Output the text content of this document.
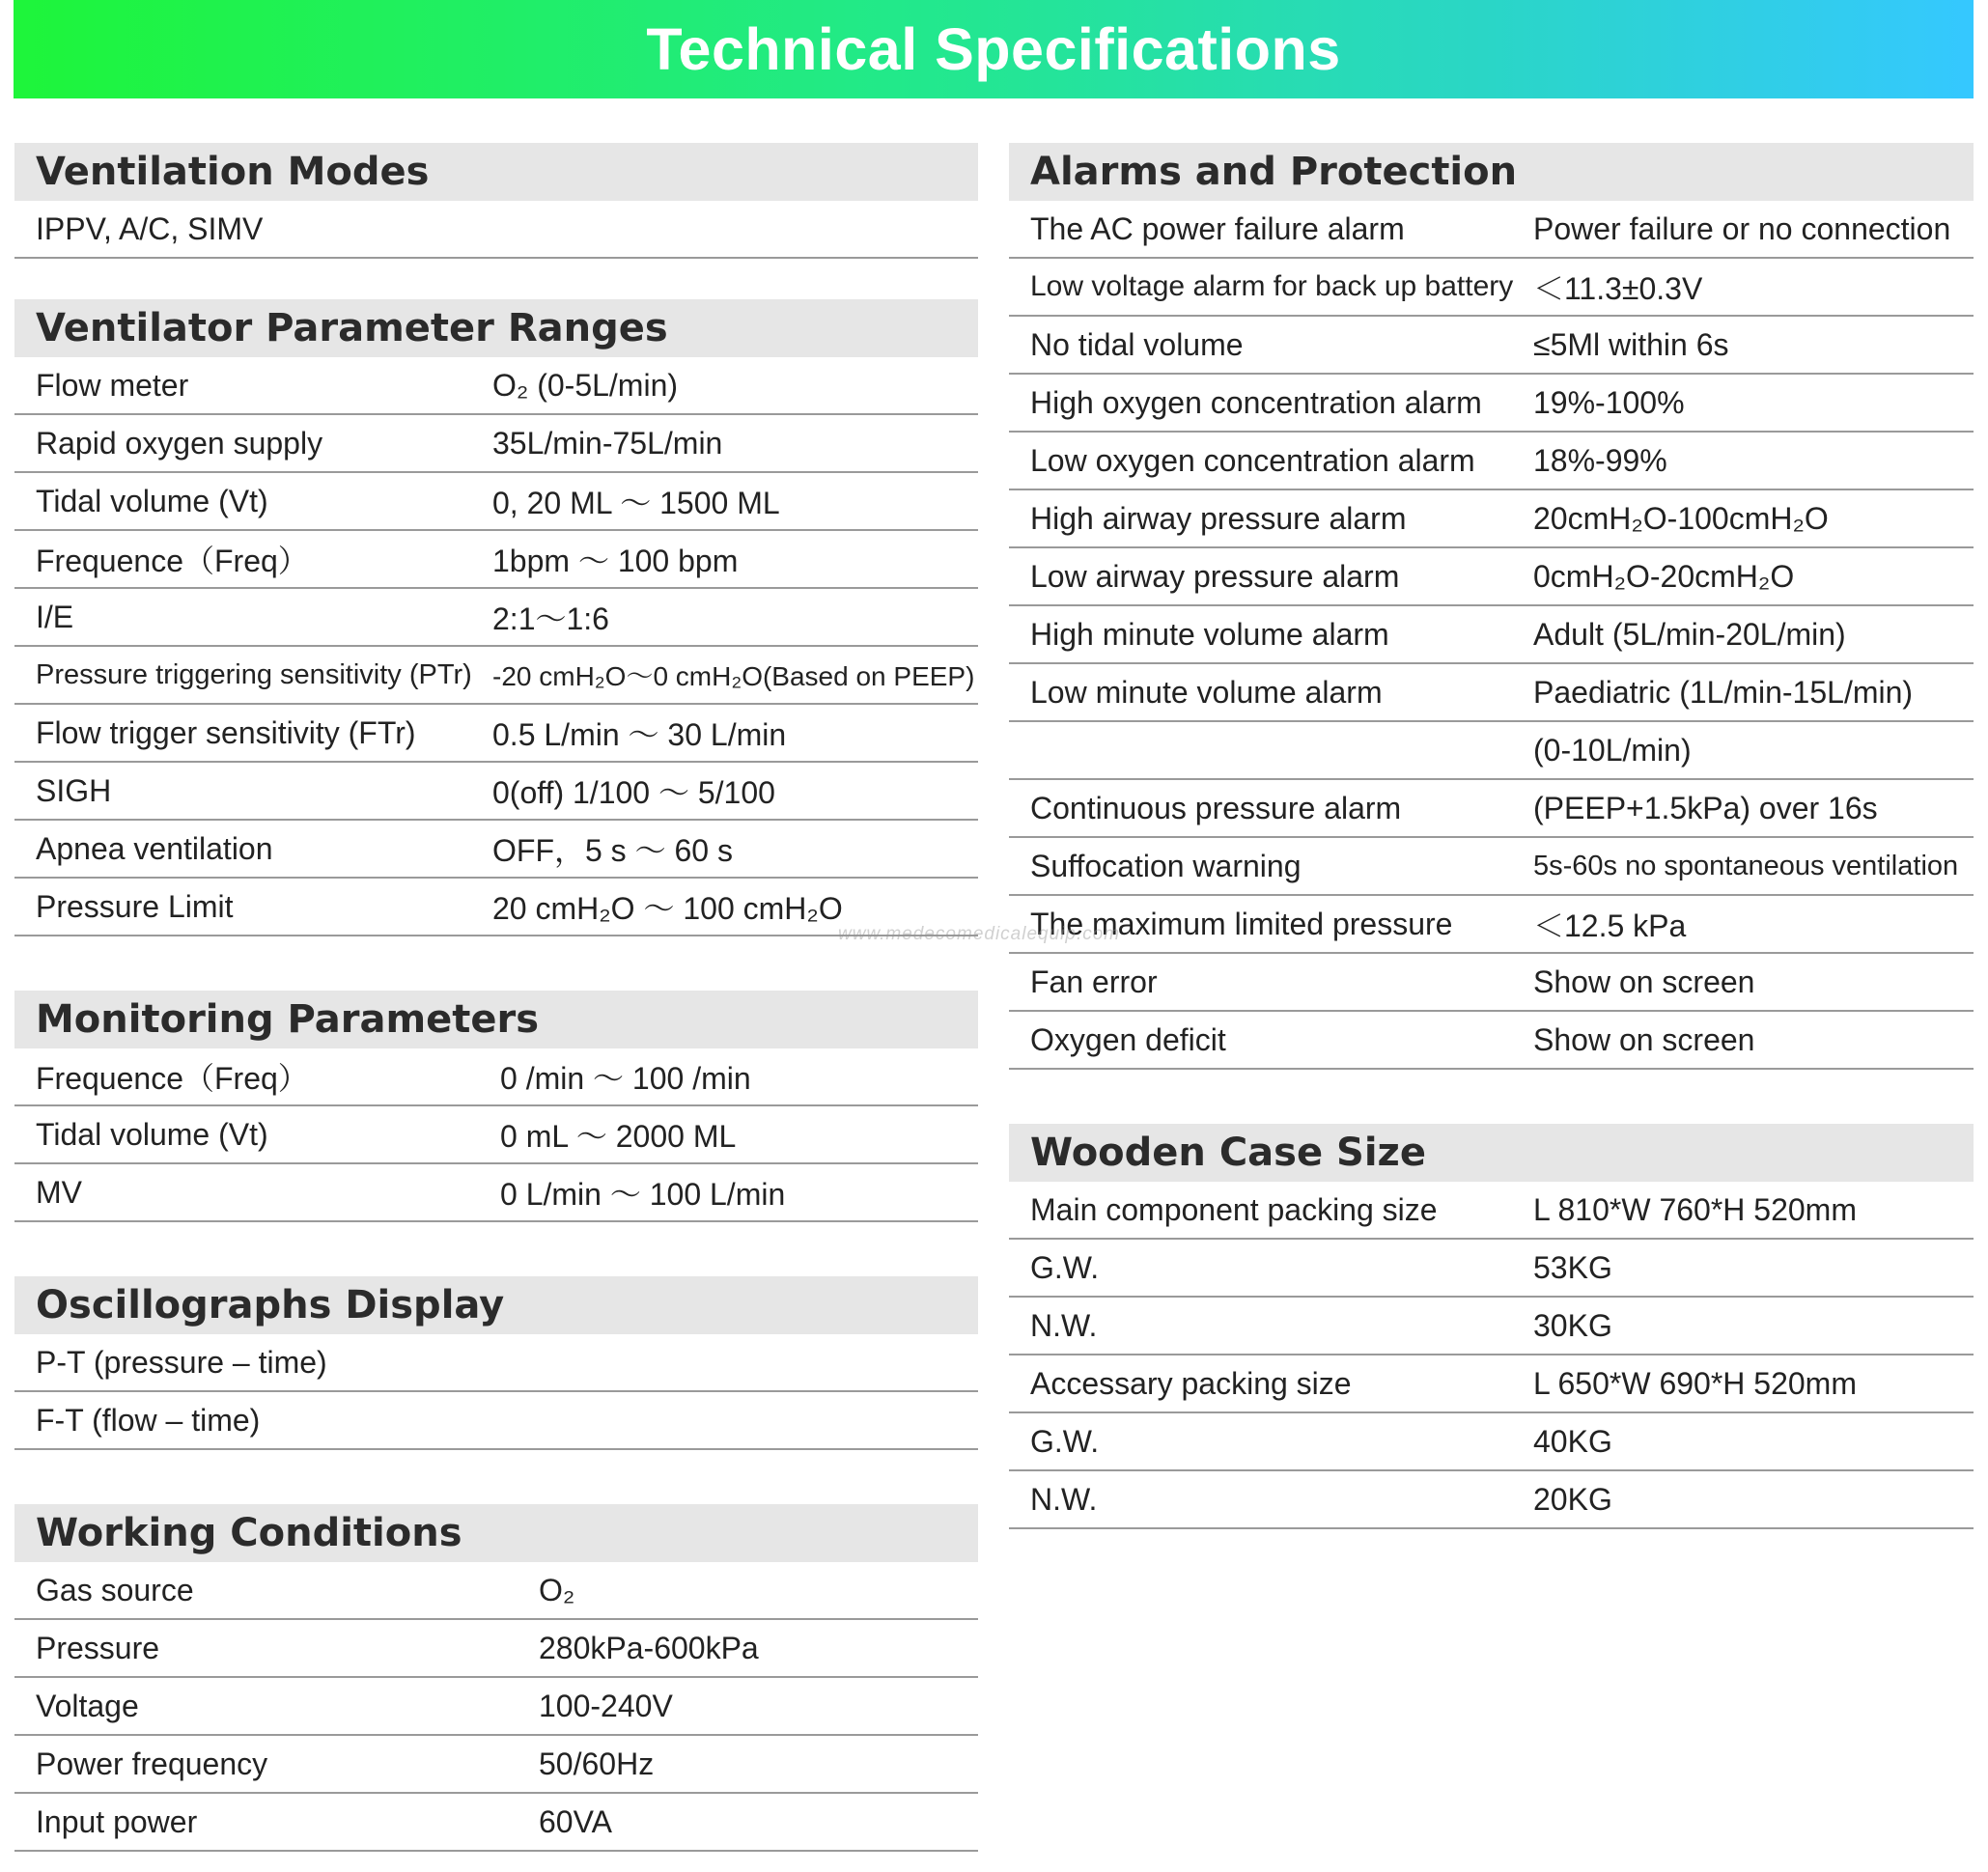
Technical Specifications
Ventilation Modes
IPPV, A/C, SIMV
Ventilator Parameter Ranges
Flow meter	O₂ (0-5L/min)
Rapid oxygen supply	35L/min-75L/min
Tidal volume (Vt)	0, 20 ML ～ 1500 ML
Frequence（Freq）	1bpm ～ 100 bpm
I/E	2:1～1:6
Pressure triggering sensitivity (PTr) -20 cmH₂O～0 cmH₂O(Based on PEEP)
Flow trigger sensitivity (FTr) 0.5 L/min ～ 30 L/min
SIGH	0(off) 1/100 ～ 5/100
Apnea ventilation	OFF，5 s ～ 60 s
Pressure Limit	20 cmH₂O ～ 100 cmH₂O
Monitoring Parameters
Frequence（Freq）	0 /min ～ 100 /min
Tidal volume (Vt)	0 mL ～ 2000 ML
MV	0 L/min ～ 100 L/min
Oscillographs Display
P-T (pressure – time)
F-T (flow – time)
Working Conditions
Gas source	O₂
Pressure	280kPa-600kPa
Voltage	100-240V
Power frequency	50/60Hz
Input power	60VA
Alarms and Protection
The AC power failure alarm	Power failure or no connection
Low voltage alarm for back up battery ＜11.3±0.3V
No tidal volume	≤5Ml within 6s
High oxygen concentration alarm 19%-100%
Low oxygen concentration alarm 18%-99%
High airway pressure alarm	20cmH₂O-100cmH₂O
Low airway pressure alarm	0cmH₂O-20cmH₂O
High minute volume alarm	Adult (5L/min-20L/min)
Low minute volume alarm	Paediatric (1L/min-15L/min)
(0-10L/min)
Continuous pressure alarm	(PEEP+1.5kPa) over 16s
Suffocation warning	5s-60s no spontaneous ventilation
The maximum limited pressure	＜12.5 kPa
Fan error	Show on screen
Oxygen deficit	Show on screen
Wooden Case Size
Main component packing size	L 810*W 760*H 520mm
G.W.	53KG
N.W.	30KG
Accessary packing size	L 650*W 690*H 520mm
G.W.	40KG
N.W.	20KG
www.medecomedicalequip.com
